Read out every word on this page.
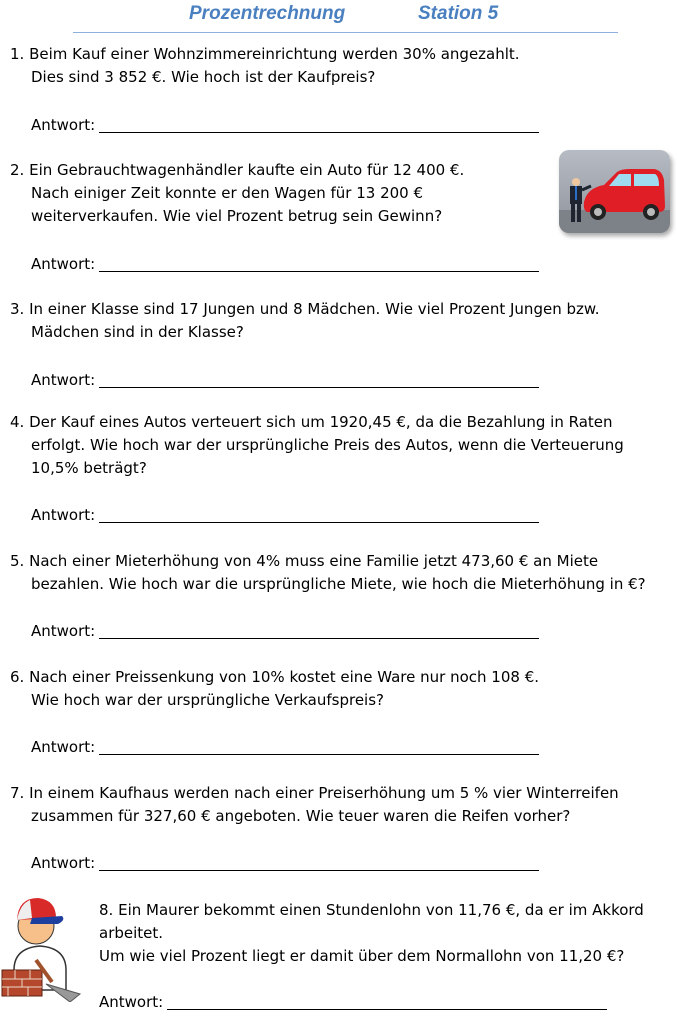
Prozentrechnung	Station 5
1. Beim Kauf einer Wohnzimmereinrichtung werden 30% angezahlt.
Dies sind 3 852 €. Wie hoch ist der Kaufpreis?
Antwort:
2. Ein Gebrauchtwagenhändler kaufte ein Auto für 12 400 €.
Nach einiger Zeit konnte er den Wagen für 13 200 €
weiterverkaufen. Wie viel Prozent betrug sein Gewinn?
Antwort:
3. In einer Klasse sind 17 Jungen und 8 Mädchen. Wie viel Prozent Jungen bzw.
Mädchen sind in der Klasse?
Antwort:
4. Der Kauf eines Autos verteuert sich um 1920,45 €, da die Bezahlung in Raten
erfolgt. Wie hoch war der ursprüngliche Preis des Autos, wenn die Verteuerung
10,5% beträgt?
Antwort:
5. Nach einer Mieterhöhung von 4% muss eine Familie jetzt 473,60 € an Miete
bezahlen. Wie hoch war die ursprüngliche Miete, wie hoch die Mieterhöhung in €?
Antwort:
6. Nach einer Preissenkung von 10% kostet eine Ware nur noch 108 €.
Wie hoch war der ursprüngliche Verkaufspreis?
Antwort:
7. In einem Kaufhaus werden nach einer Preiserhöhung um 5 % vier Winterreifen
zusammen für 327,60 € angeboten. Wie teuer waren die Reifen vorher?
Antwort:
8. Ein Maurer bekommt einen Stundenlohn von 11,76 €, da er im Akkord
arbeitet.
Um wie viel Prozent liegt er damit über dem Normallohn von 11,20 €?
Antwort:
